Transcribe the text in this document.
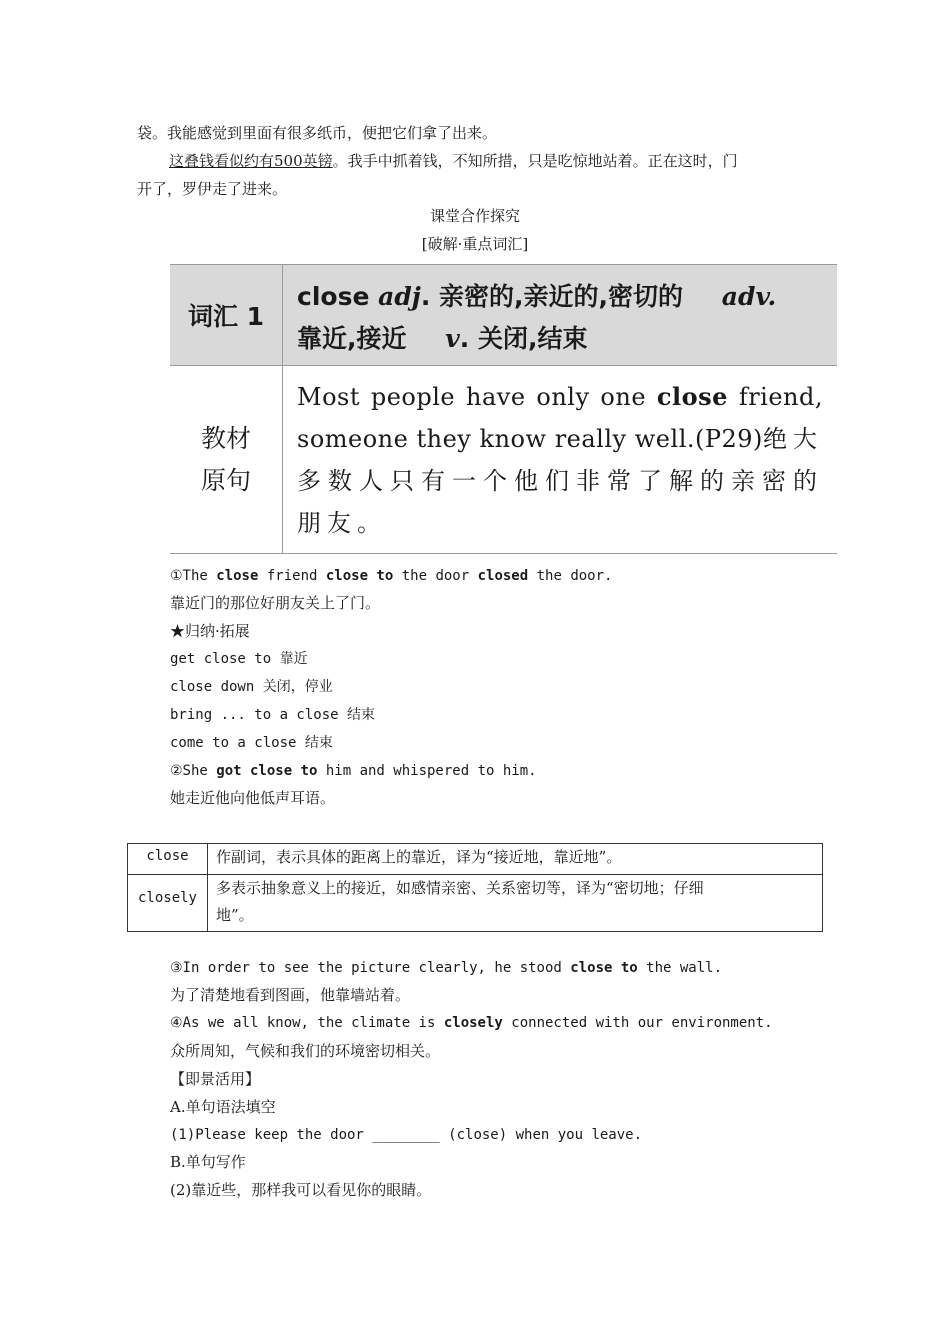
袋。我能感觉到里面有很多纸币，便把它们拿了出来。
这叠钱看似约有500英镑。我手中抓着钱，不知所措，只是吃惊地站着。正在这时，门
开了，罗伊走了进来。
课堂合作探究
[破解·重点词汇]
词汇 1
close adj. 亲密的,亲近的,密切的 adv.
靠近,接近 v. 关闭,结束
教材
原句
Most people have only one close friend, someone they know really well.(P29)绝大多数人只有一个他们非常了解的亲密的朋友。
①The close friend close to the door closed the door.
靠近门的那位好朋友关上了门。
★归纳·拓展
get close to 靠近
close down 关闭，停业
bring ... to a close 结束
come to a close 结束
②She got close to him and whispered to him.
她走近他向他低声耳语。
close	作副词，表示具体的距离上的靠近，译为“接近地，靠近地”。
closely
多表示抽象意义上的接近，如感情亲密、关系密切等，译为“密切地；仔细
地”。
③In order to see the picture clearly, he stood close to the wall.
为了清楚地看到图画，他靠墙站着。
④As we all know, the climate is closely connected with our environment.
众所周知，气候和我们的环境密切相关。
【即景活用】
A.单句语法填空
(1)Please keep the door ________ (close) when you leave.
B.单句写作
(2)靠近些，那样我可以看见你的眼睛。
